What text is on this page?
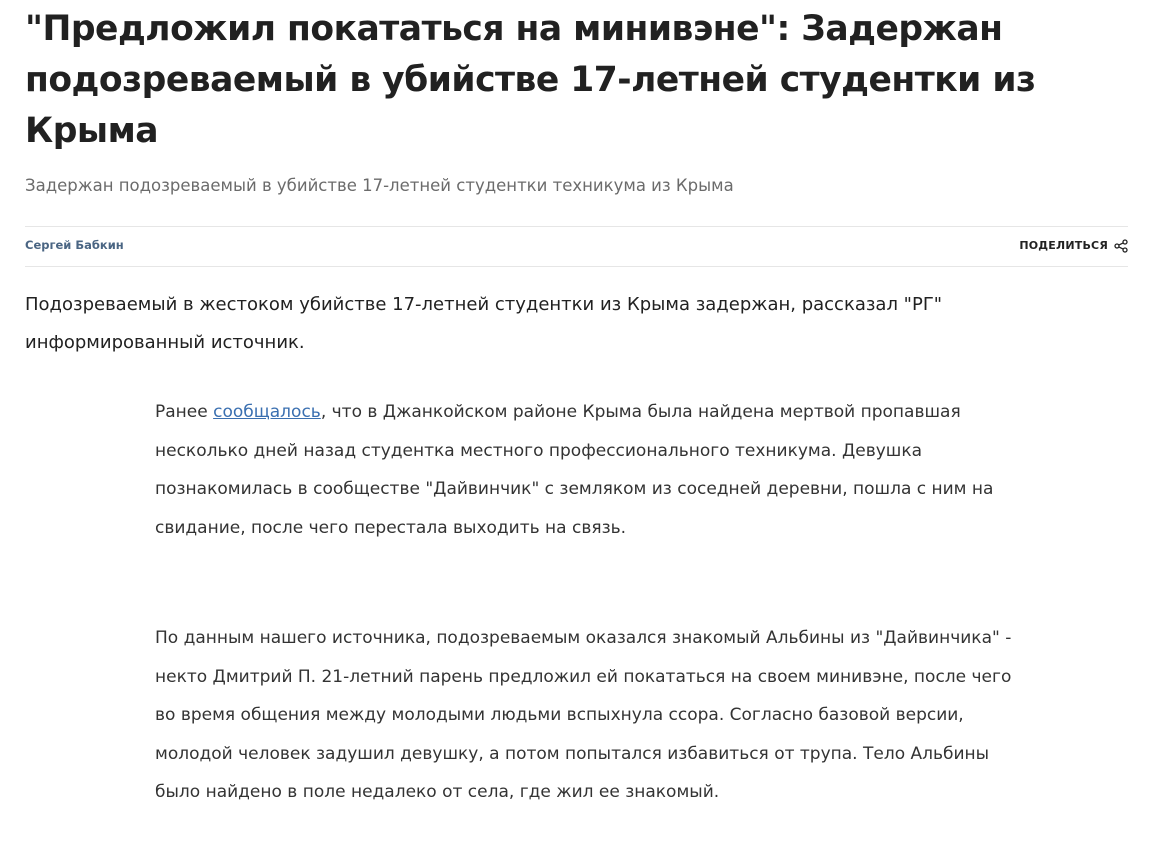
"Предложил покататься на минивэне": Задержан подозреваемый в убийстве 17-летней студентки из Крыма

Задержан подозреваемый в убийстве 17-летней студентки техникума из Крыма

Сергей Бабкин	ПОДЕЛИТЬСЯ

Подозреваемый в жестоком убийстве 17-летней студентки из Крыма задержан, рассказал "РГ" информированный источник.

Ранее сообщалось, что в Джанкойском районе Крыма была найдена мертвой пропавшая несколько дней назад студентка местного профессионального техникума. Девушка познакомилась в сообществе "Дайвинчик" с земляком из соседней деревни, пошла с ним на свидание, после чего перестала выходить на связь.

По данным нашего источника, подозреваемым оказался знакомый Альбины из "Дайвинчика" - некто Дмитрий П. 21-летний парень предложил ей покататься на своем минивэне, после чего во время общения между молодыми людьми вспыхнула ссора. Согласно базовой версии, молодой человек задушил девушку, а потом попытался избавиться от трупа. Тело Альбины было найдено в поле недалеко от села, где жил ее знакомый.
